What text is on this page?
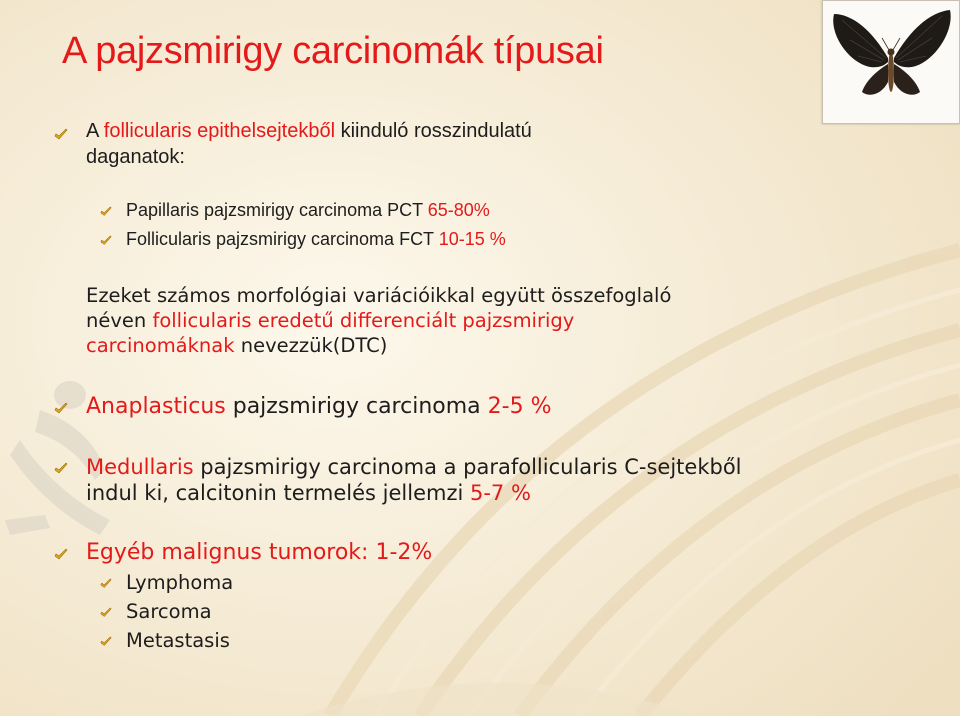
A pajzsmirigy carcinomák típusai

A follicularis epithelsejtekből kiinduló rosszindulatú

daganatok:

Papillaris pajzsmirigy carcinoma PCT 65-80%

Follicularis pajzsmirigy carcinoma FCT 10-15 %

Ezeket számos morfológiai variációikkal együtt összefoglaló

néven follicularis eredetű differenciált pajzsmirigy

carcinomáknak nevezzük(DTC)

Anaplasticus pajzsmirigy carcinoma 2-5 %

Medullaris pajzsmirigy carcinoma a parafollicularis C-sejtekből

indul ki, calcitonin termelés jellemzi 5-7 %

Egyéb malignus tumorok: 1-2%

Lymphoma

Sarcoma

Metastasis
